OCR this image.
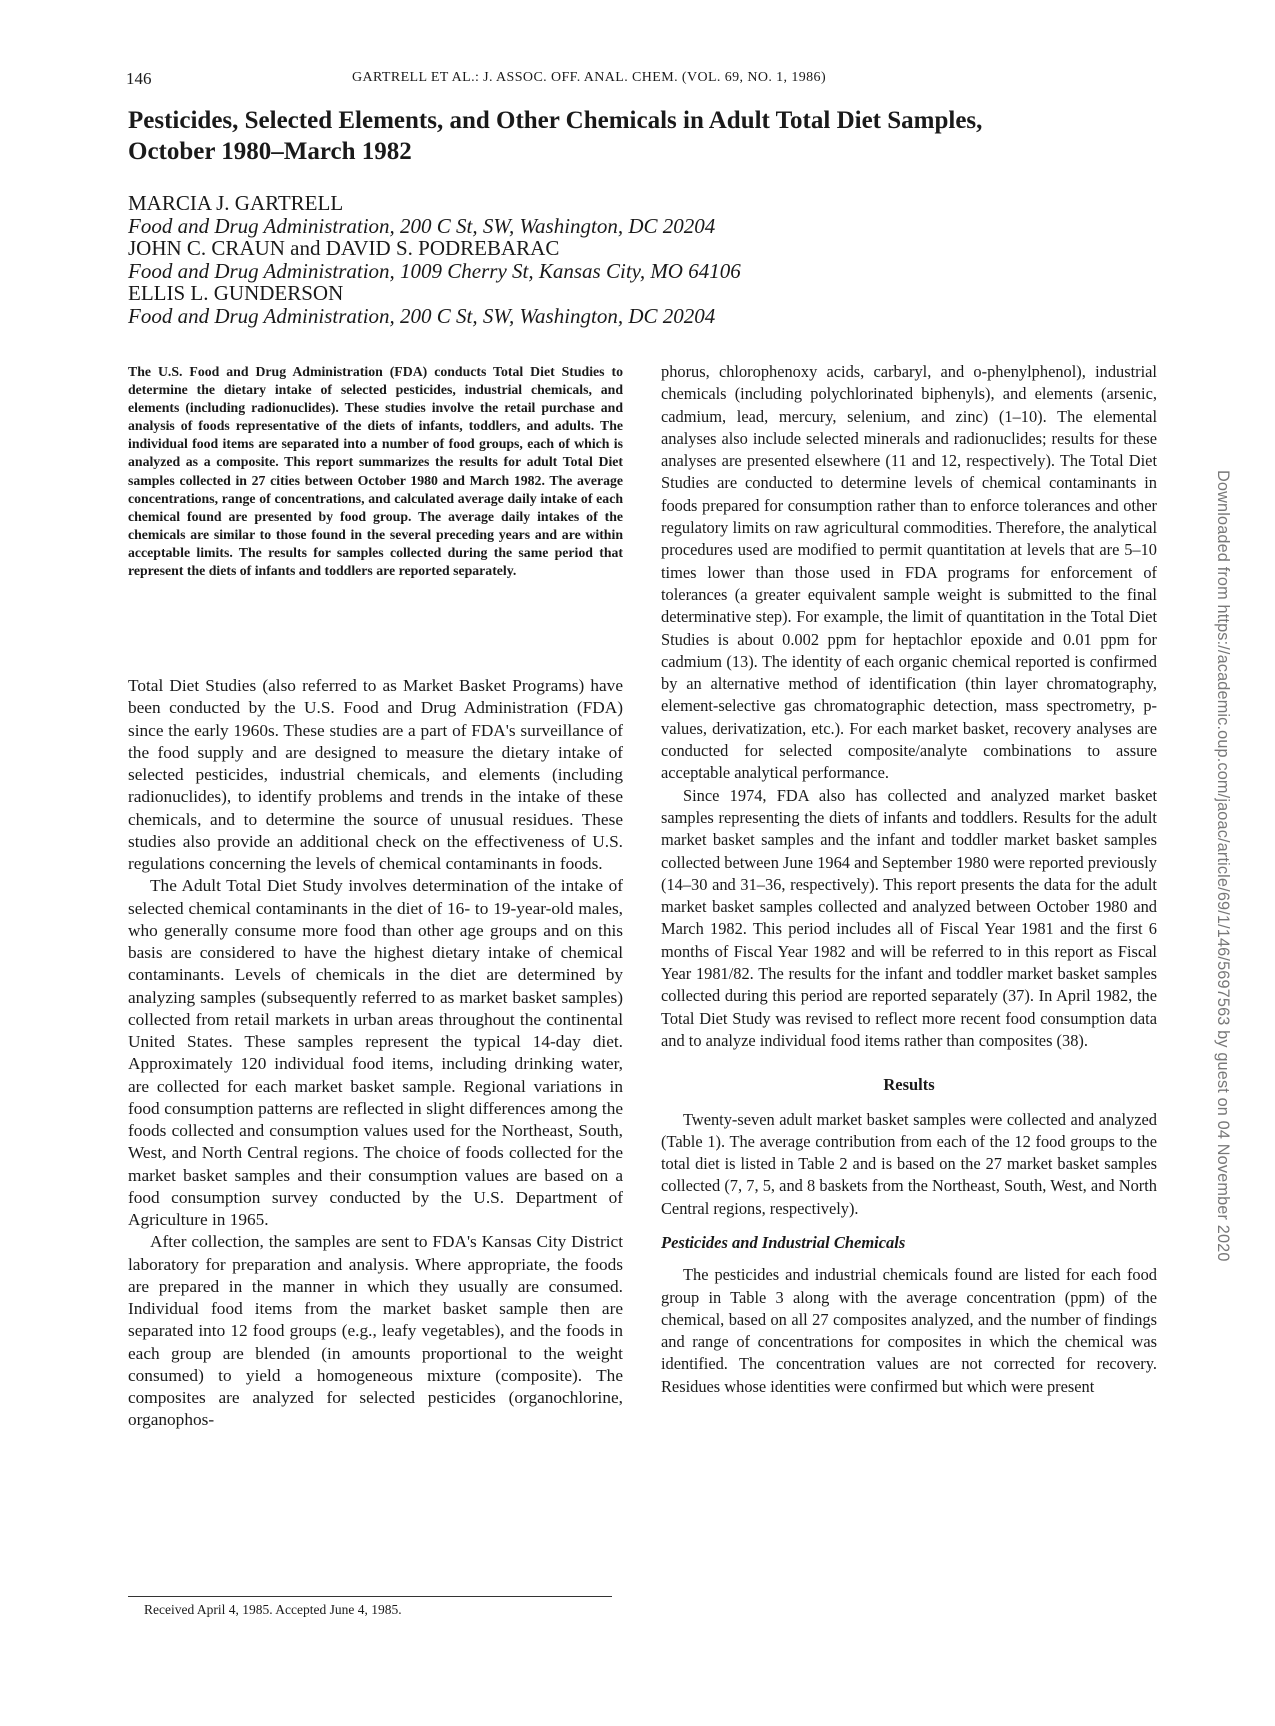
146	GARTRELL ET AL.: J. ASSOC. OFF. ANAL. CHEM. (VOL. 69, NO. 1, 1986)
Pesticides, Selected Elements, and Other Chemicals in Adult Total Diet Samples,
October 1980–March 1982
MARCIA J. GARTRELL
Food and Drug Administration, 200 C St, SW, Washington, DC 20204
JOHN C. CRAUN and DAVID S. PODREBARAC
Food and Drug Administration, 1009 Cherry St, Kansas City, MO 64106
ELLIS L. GUNDERSON
Food and Drug Administration, 200 C St, SW, Washington, DC 20204
The U.S. Food and Drug Administration (FDA) conducts Total Diet Studies to determine the dietary intake of selected pesticides, industrial chemicals, and elements (including radionuclides). These studies involve the retail purchase and analysis of foods representative of the diets of infants, toddlers, and adults. The individual food items are separated into a number of food groups, each of which is analyzed as a composite. This report summarizes the results for adult Total Diet samples collected in 27 cities between October 1980 and March 1982. The average concentrations, range of concentrations, and calculated average daily intake of each chemical found are presented by food group. The average daily intakes of the chemicals are similar to those found in the several preceding years and are within acceptable limits. The results for samples collected during the same period that represent the diets of infants and toddlers are reported separately.

Total Diet Studies (also referred to as Market Basket Programs) have been conducted by the U.S. Food and Drug Administration (FDA) since the early 1960s. These studies are a part of FDA's surveillance of the food supply and are designed to measure the dietary intake of selected pesticides, industrial chemicals, and elements (including radionuclides), to identify problems and trends in the intake of these chemicals, and to determine the source of unusual residues. These studies also provide an additional check on the effectiveness of U.S. regulations concerning the levels of chemical contaminants in foods.

The Adult Total Diet Study involves determination of the intake of selected chemical contaminants in the diet of 16- to 19-year-old males, who generally consume more food than other age groups and on this basis are considered to have the highest dietary intake of chemical contaminants. Levels of chemicals in the diet are determined by analyzing samples (subsequently referred to as market basket samples) collected from retail markets in urban areas throughout the continental United States. These samples represent the typical 14-day diet. Approximately 120 individual food items, including drinking water, are collected for each market basket sample. Regional variations in food consumption patterns are reflected in slight differences among the foods collected and consumption values used for the Northeast, South, West, and North Central regions. The choice of foods collected for the market basket samples and their consumption values are based on a food consumption survey conducted by the U.S. Department of Agriculture in 1965.

After collection, the samples are sent to FDA's Kansas City District laboratory for preparation and analysis. Where appropriate, the foods are prepared in the manner in which they usually are consumed. Individual food items from the market basket sample then are separated into 12 food groups (e.g., leafy vegetables), and the foods in each group are blended (in amounts proportional to the weight consumed) to yield a homogeneous mixture (composite). The composites are analyzed for selected pesticides (organochlorine, organophos-

phorus, chlorophenoxy acids, carbaryl, and o-phenylphenol), industrial chemicals (including polychlorinated biphenyls), and elements (arsenic, cadmium, lead, mercury, selenium, and zinc) (1–10). The elemental analyses also include selected minerals and radionuclides; results for these analyses are presented elsewhere (11 and 12, respectively). The Total Diet Studies are conducted to determine levels of chemical contaminants in foods prepared for consumption rather than to enforce tolerances and other regulatory limits on raw agricultural commodities. Therefore, the analytical procedures used are modified to permit quantitation at levels that are 5–10 times lower than those used in FDA programs for enforcement of tolerances (a greater equivalent sample weight is submitted to the final determinative step). For example, the limit of quantitation in the Total Diet Studies is about 0.002 ppm for heptachlor epoxide and 0.01 ppm for cadmium (13). The identity of each organic chemical reported is confirmed by an alternative method of identification (thin layer chromatography, element-selective gas chromatographic detection, mass spectrometry, p-values, derivatization, etc.). For each market basket, recovery analyses are conducted for selected composite/analyte combinations to assure acceptable analytical performance.

Since 1974, FDA also has collected and analyzed market basket samples representing the diets of infants and toddlers. Results for the adult market basket samples and the infant and toddler market basket samples collected between June 1964 and September 1980 were reported previously (14–30 and 31–36, respectively). This report presents the data for the adult market basket samples collected and analyzed between October 1980 and March 1982. This period includes all of Fiscal Year 1981 and the first 6 months of Fiscal Year 1982 and will be referred to in this report as Fiscal Year 1981/82. The results for the infant and toddler market basket samples collected during this period are reported separately (37). In April 1982, the Total Diet Study was revised to reflect more recent food consumption data and to analyze individual food items rather than composites (38).

Results

Twenty-seven adult market basket samples were collected and analyzed (Table 1). The average contribution from each of the 12 food groups to the total diet is listed in Table 2 and is based on the 27 market basket samples collected (7, 7, 5, and 8 baskets from the Northeast, South, West, and North Central regions, respectively).

Pesticides and Industrial Chemicals

The pesticides and industrial chemicals found are listed for each food group in Table 3 along with the average concentration (ppm) of the chemical, based on all 27 composites analyzed, and the number of findings and range of concentrations for composites in which the chemical was identified. The concentration values are not corrected for recovery. Residues whose identities were confirmed but which were present

Received April 4, 1985. Accepted June 4, 1985.
Downloaded from https://academic.oup.com/jaoac/article/69/1/146/5697563 by guest on 04 November 2020
